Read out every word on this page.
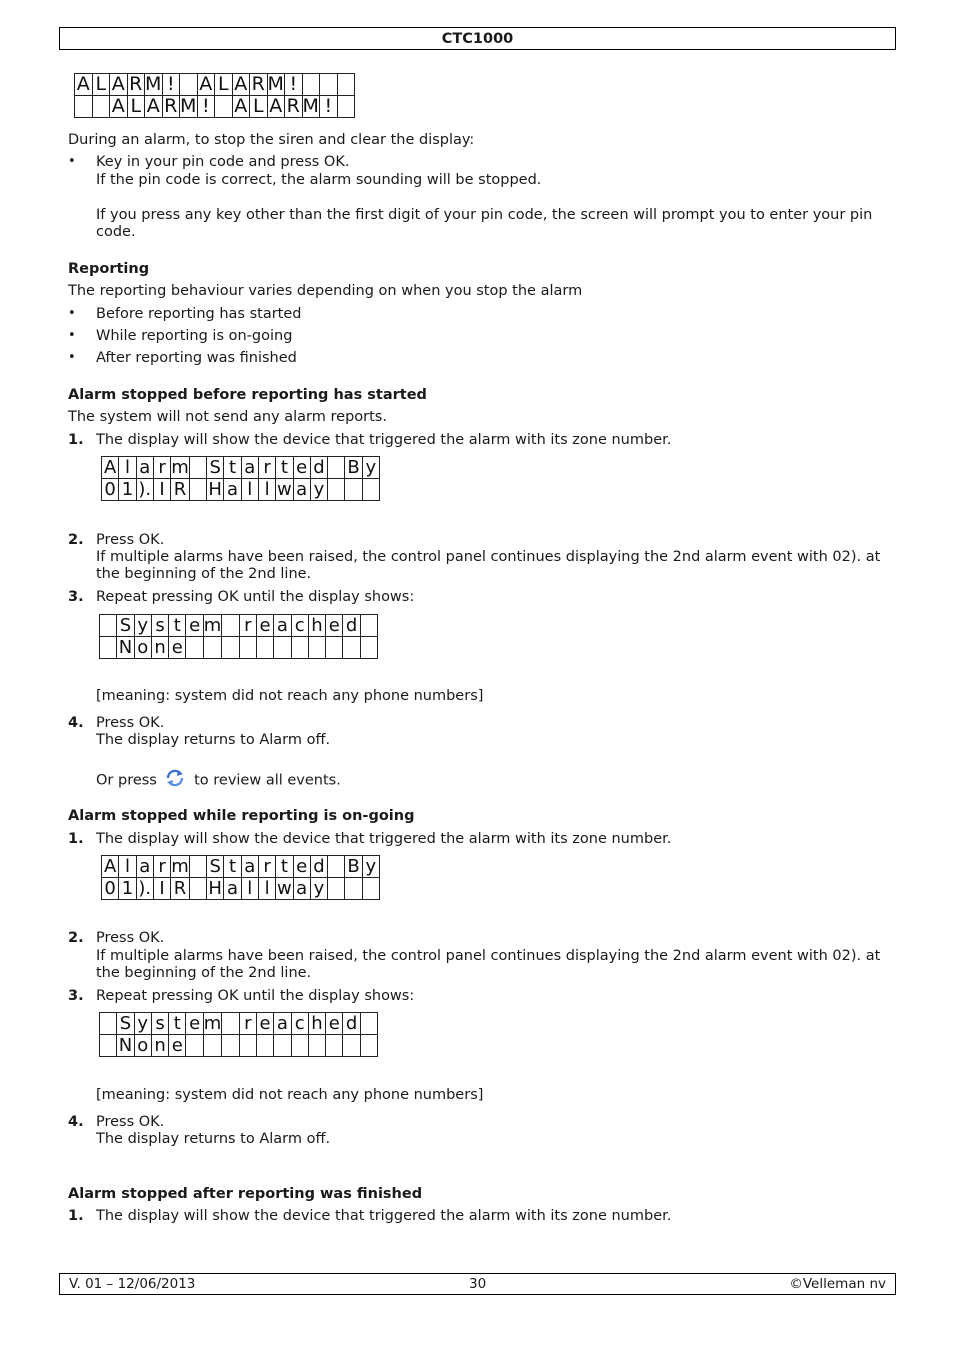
CTC1000
A	L	A	R	M	!		A	L	A	R	M	!			
		A	L	A	R	M	!		A	L	A	R	M	!	
During an alarm, to stop the siren and clear the display:
• Key in your pin code and press OK.
If the pin code is correct, the alarm sounding will be stopped.
If you press any key other than the first digit of your pin code, the screen will prompt you to enter your pin code.
Reporting
The reporting behaviour varies depending on when you stop the alarm
• Before reporting has started
• While reporting is on-going
• After reporting was finished
Alarm stopped before reporting has started
The system will not send any alarm reports.
1. The display will show the device that triggered the alarm with its zone number.
A	l	a	r	m		S	t	a	r	t	e	d		B	y
0	1	).	I	R		H	a	l	l	w	a	y			
2. Press OK.
If multiple alarms have been raised, the control panel continues displaying the 2nd alarm event with 02). at the beginning of the 2nd line.
3. Repeat pressing OK until the display shows:
	S	y	s	t	e	m		r	e	a	c	h	e	d	
	N	o	n	e											
[meaning: system did not reach any phone numbers]
4. Press OK.
The display returns to Alarm off.
Or press	to review all events.
Alarm stopped while reporting is on-going
1. The display will show the device that triggered the alarm with its zone number.
A	l	a	r	m		S	t	a	r	t	e	d		B	y
0	1	).	I	R		H	a	l	l	w	a	y			
2. Press OK.
If multiple alarms have been raised, the control panel continues displaying the 2nd alarm event with 02). at the beginning of the 2nd line.
3. Repeat pressing OK until the display shows:
	S	y	s	t	e	m		r	e	a	c	h	e	d	
	N	o	n	e											
[meaning: system did not reach any phone numbers]
4. Press OK.
The display returns to Alarm off.
Alarm stopped after reporting was finished
1. The display will show the device that triggered the alarm with its zone number.
V. 01 – 12/06/2013	30	©Velleman nv
